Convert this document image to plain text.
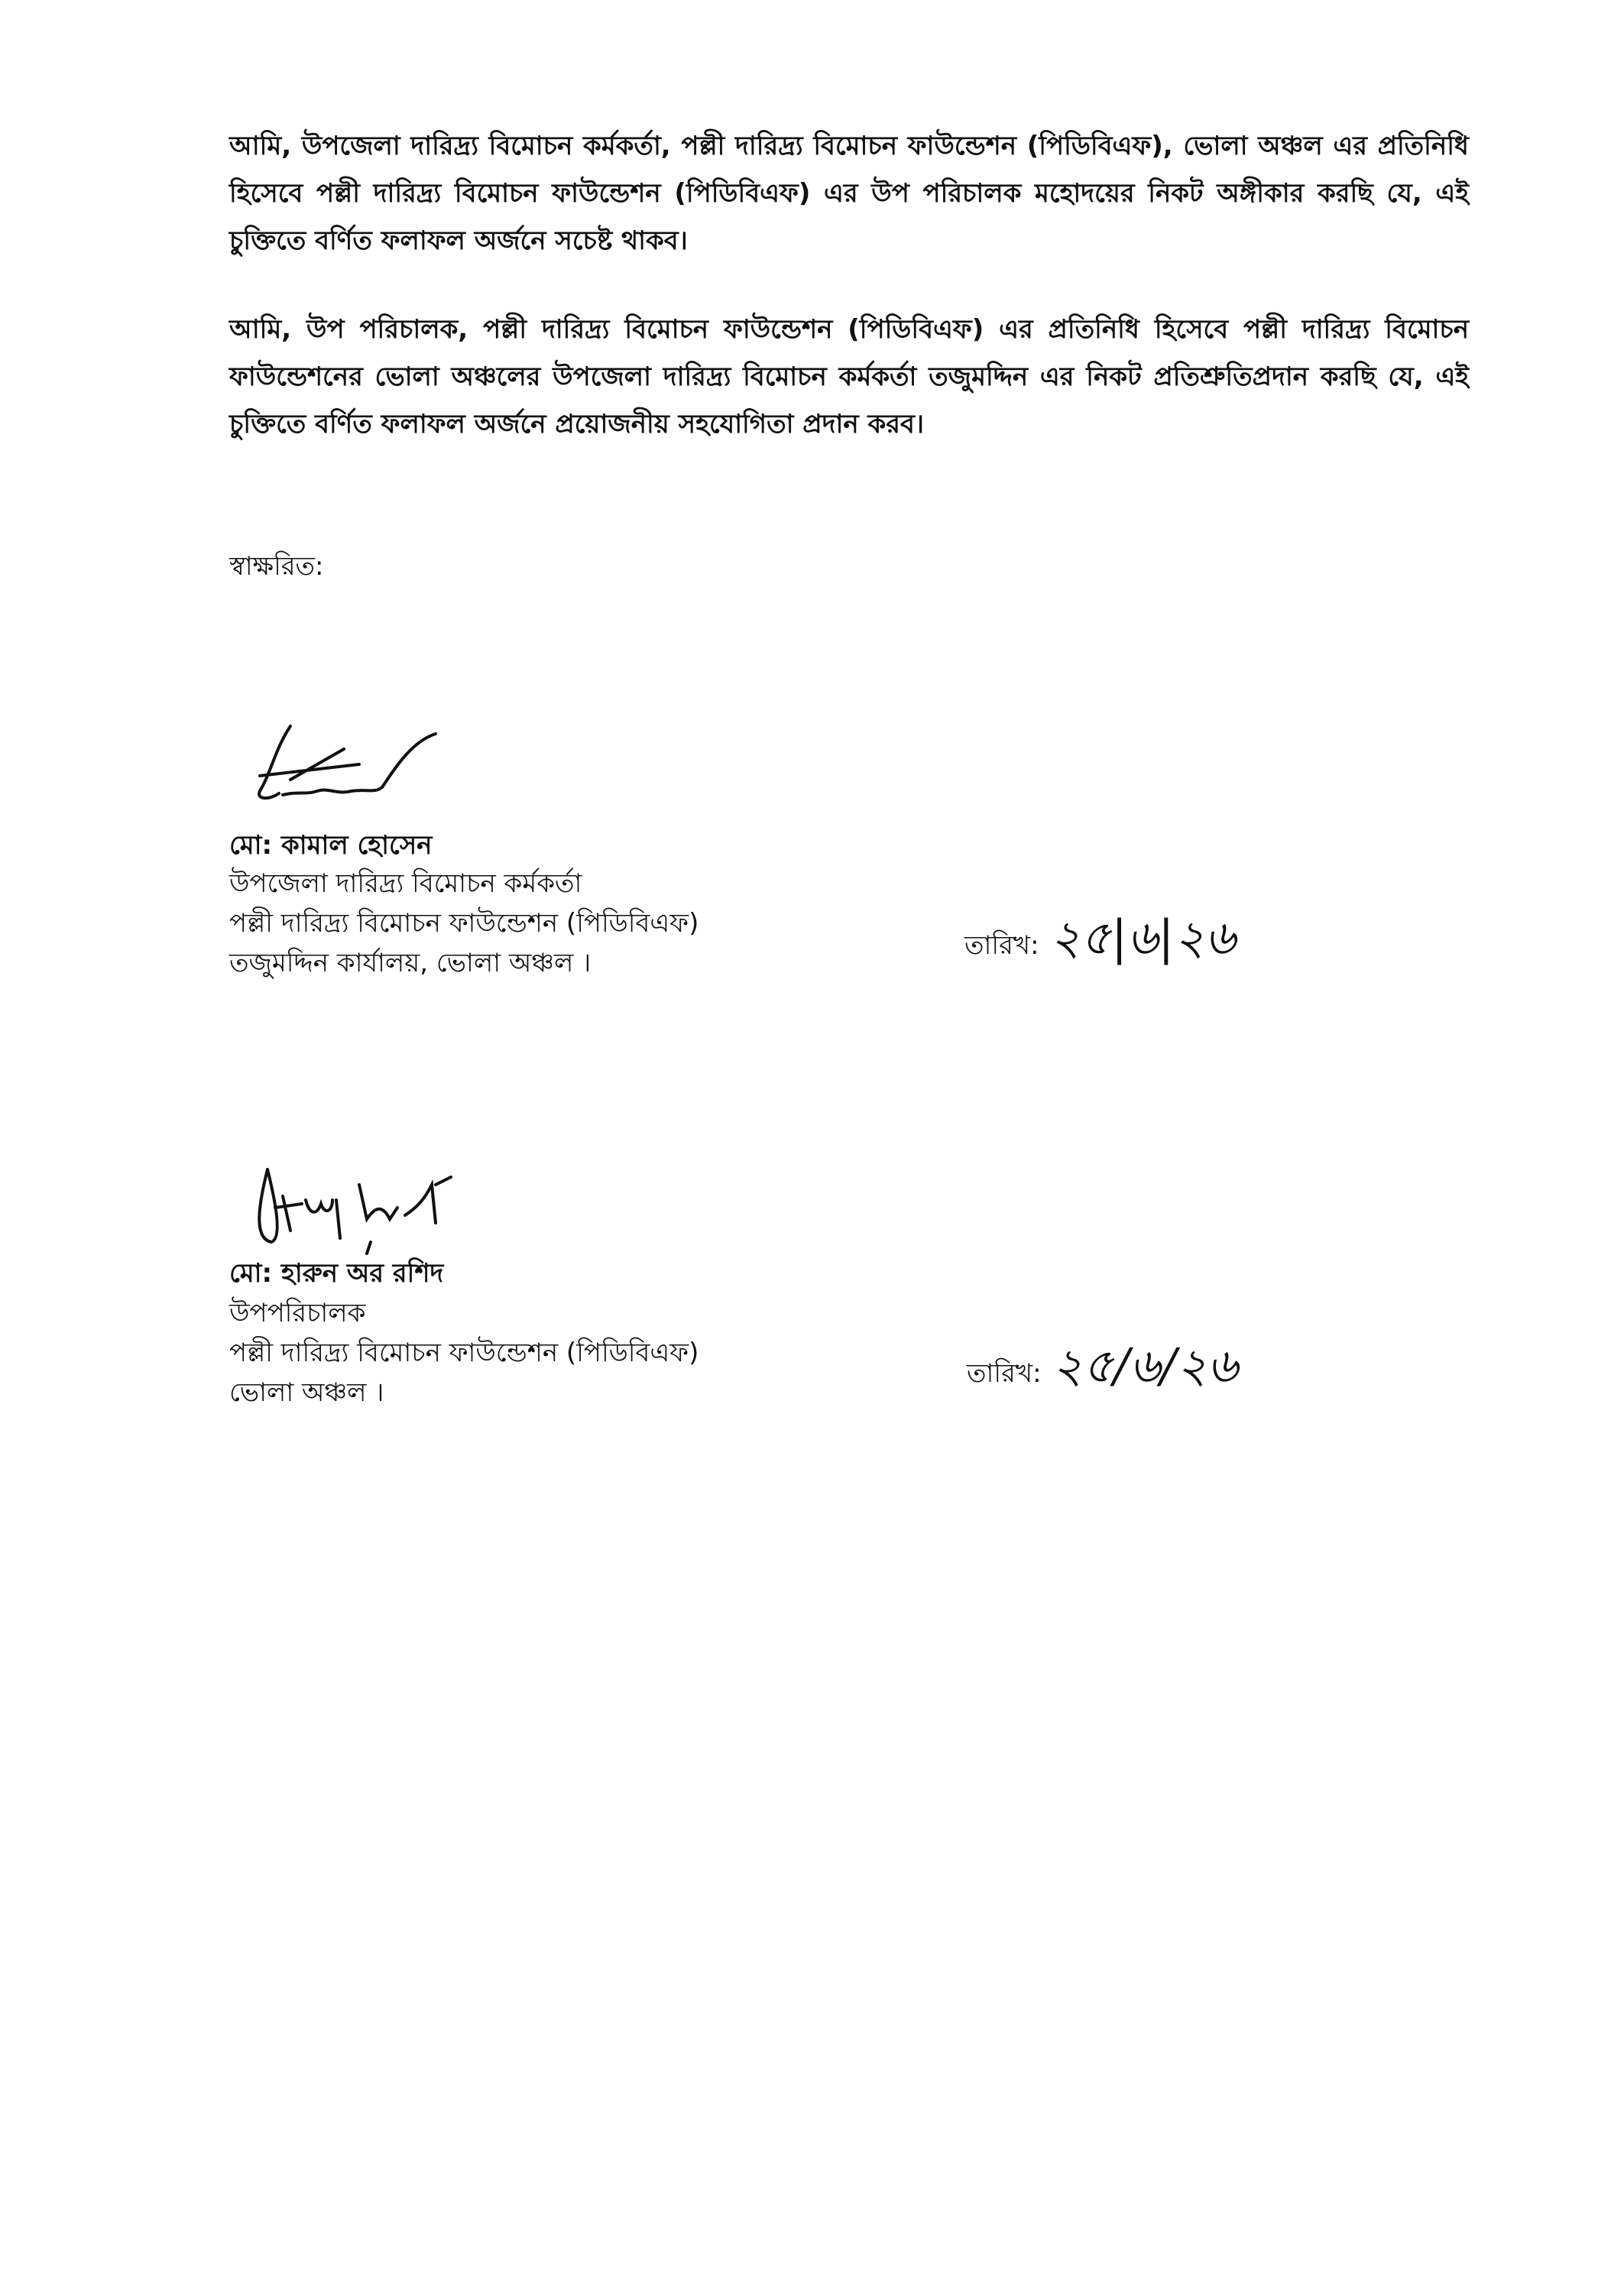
আমি, উপজেলা দারিদ্র্য বিমোচন কর্মকর্তা, পল্লী দারিদ্র্য বিমোচন ফাউন্ডেশন (পিডিবিএফ), ভোলা অঞ্চল এর প্রতিনিধি হিসেবে পল্লী দারিদ্র্য বিমোচন ফাউন্ডেশন (পিডিবিএফ) এর উপ পরিচালক মহোদয়ের নিকট অঙ্গীকার করছি যে, এই চুক্তিতে বর্ণিত ফলাফল অর্জনে সচেষ্ট থাকব।
আমি, উপ পরিচালক, পল্লী দারিদ্র্য বিমোচন ফাউন্ডেশন (পিডিবিএফ) এর প্রতিনিধি হিসেবে পল্লী দারিদ্র্য বিমোচন ফাউন্ডেশনের ভোলা অঞ্চলের উপজেলা দারিদ্র্য বিমোচন কর্মকর্তা তজুমদ্দিন এর নিকট প্রতিশ্রুতিপ্রদান করছি যে, এই চুক্তিতে বর্ণিত ফলাফল অর্জনে প্রয়োজনীয় সহযোগিতা প্রদান করব।
স্বাক্ষরিত:
মো: কামাল হোসেন
উপজেলা দারিদ্র্য বিমোচন কর্মকর্তা
পল্লী দারিদ্র্য বিমোচন ফাউন্ডেশন (পিডিবিএফ)
তজুমদ্দিন কার্যালয়, ভোলা অঞ্চল ।
তারিখ: ২৫|৬|২৬
মো: হারুন অর রশিদ
উপপরিচালক
পল্লী দারিদ্র্য বিমোচন ফাউন্ডেশন (পিডিবিএফ)
ভোলা অঞ্চল ।
তারিখ: ২৫/৬/২৬
